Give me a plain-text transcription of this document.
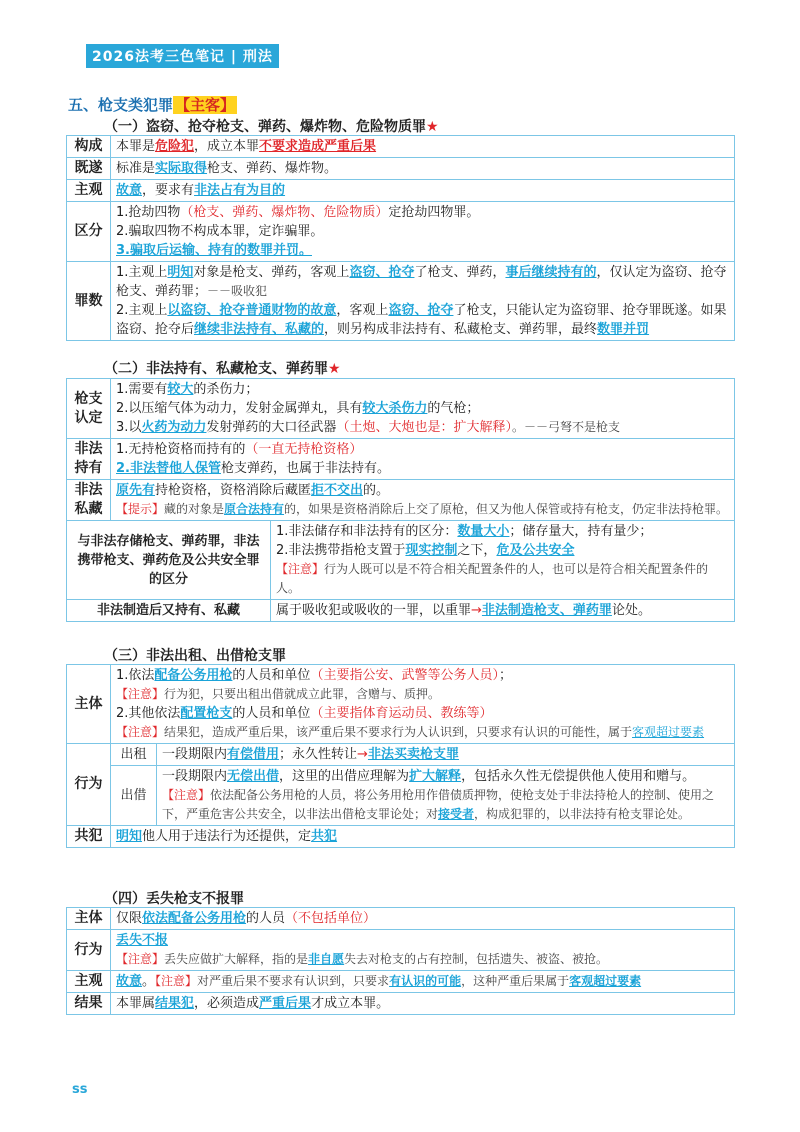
2026法考三色笔记 | 刑法
五、枪支类犯罪 【主客】
（一）盗窃、抢夺枪支、弹药、爆炸物、危险物质罪★
构成	本罪是危险犯，成立本罪不要求造成严重后果
既遂	标准是实际取得枪支、弹药、爆炸物。
主观	故意，要求有非法占有为目的
区分	1.抢劫四物（枪支、弹药、爆炸物、危险物质）定抢劫四物罪。
2.骗取四物不构成本罪，定诈骗罪。
3.骗取后运输、持有的数罪并罚。

罪数	1.主观上明知对象是枪支、弹药，客观上盗窃、抢夺了枪支、弹药，事后继续持有的，仅认定为盗窃、抢夺枪支、弹药罪；－－吸收犯
2.主观上以盗窃、抢夺普通财物的故意，客观上盗窃、抢夺了枪支，只能认定为盗窃罪、抢夺罪既遂。如果盗窃、抢夺后继续非法持有、私藏的，则另构成非法持有、私藏枪支、弹药罪，最终数罪并罚
（二）非法持有、私藏枪支、弹药罪★
枪支认定	1.需要有较大的杀伤力；
2.以压缩气体为动力，发射金属弹丸，具有较大杀伤力的气枪；
3.以火药为动力发射弹药的大口径武器（土炮、大炮也是：扩大解释）。－－弓弩不是枪支	

非法持有	1.无持枪资格而持有的（一直无持枪资格）
2.非法替他人保管枪支弹药，也属于非法持有。	

非法私藏	原先有持枪资格，资格消除后藏匿拒不交出的。
【提示】藏的对象是原合法持有的，如果是资格消除后上交了原枪，但又为他人保管或持有枪支，仍定非法持枪罪。	

与非法存储枪支、弹药罪，非法携带枪支、弹药危及公共安全罪的区分		1.非法储存和非法持有的区分：数量大小；储存量大，持有量少；
2.非法携带指枪支置于现实控制之下，危及公共安全
【注意】行为人既可以是不符合相关配置条件的人，也可以是符合相关配置条件的人。

非法制造后又持有、私藏		属于吸收犯或吸收的一罪，以重罪→非法制造枪支、弹药罪论处。
（三）非法出租、出借枪支罪
主体	1.依法配备公务用枪的人员和单位（主要指公安、武警等公务人员）；
【注意】行为犯，只要出租出借就成立此罪，含赠与、质押。
2.其他依法配置枪支的人员和单位（主要指体育运动员、教练等）
【注意】结果犯，造成严重后果，该严重后果不要求行为人认识到，只要求有认识的可能性，属于客观超过要素	

行为	出租	一段期限内有偿借用；永久性转让→非法买卖枪支罪
	出借	一段期限内无偿出借，这里的出借应理解为扩大解释，包括永久性无偿提供他人使用和赠与。
【注意】依法配备公务用枪的人员，将公务用枪用作借债质押物，使枪支处于非法持枪人的控制、使用之下，严重危害公共安全，以非法出借枪支罪论处；对接受者，构成犯罪的，以非法持有枪支罪论处。

共犯	明知他人用于违法行为还提供，定共犯	
（四）丢失枪支不报罪
主体	仅限依法配备公务用枪的人员（不包括单位）
行为	丢失不报
【注意】丢失应做扩大解释，指的是非自愿失去对枪支的占有控制，包括遗失、被盗、被抢。

主观	故意。【注意】对严重后果不要求有认识到，只要求有认识的可能，这种严重后果属于客观超过要素
结果	本罪属结果犯，必须造成严重后果才成立本罪。
ss
